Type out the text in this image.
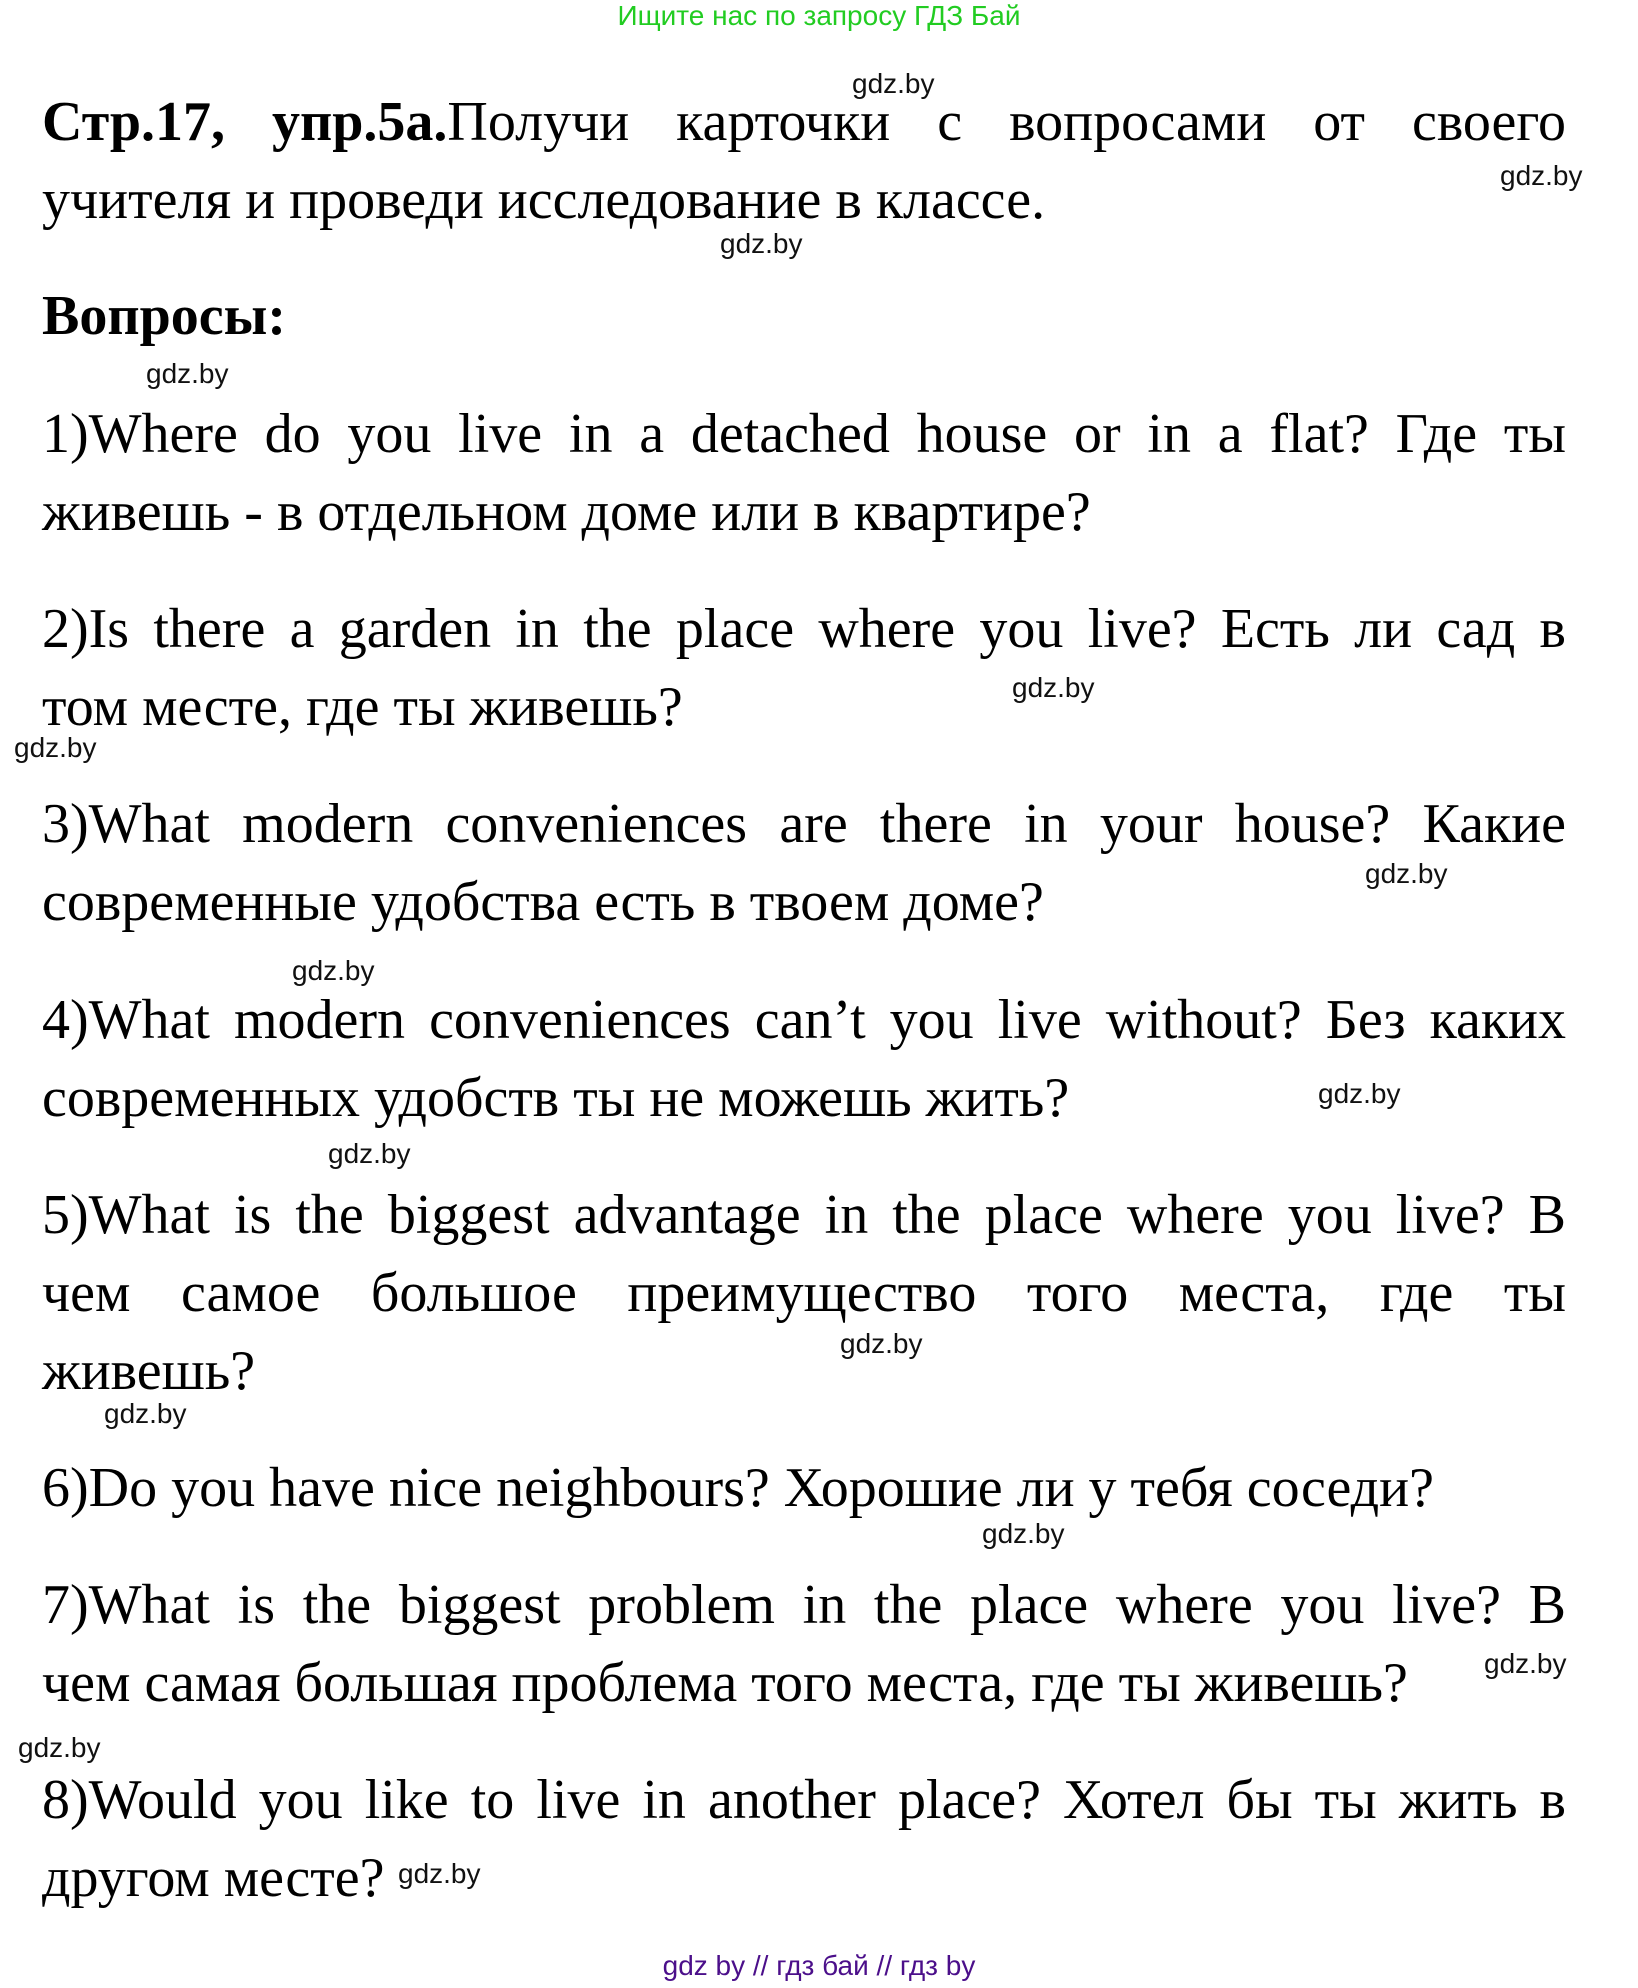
Ищите нас по запросу ГДЗ Бай
Стр.17, упр.5а.Получи карточки с вопросами от своего
учителя и проведи исследование в классе.
Вопросы:
1)Where do you live in a detached house or in a flat? Где ты
живешь - в отдельном доме или в квартире?
2)Is there a garden in the place where you live? Есть ли сад в
том месте, где ты живешь?
3)What modern conveniences are there in your house? Какие
современные удобства есть в твоем доме?
4)What modern conveniences can’t you live without? Без каких
современных удобств ты не можешь жить?
5)What is the biggest advantage in the place where you live? В
чем самое большое преимущество того места, где ты
живешь?
6)Do you have nice neighbours? Хорошие ли у тебя соседи?
7)What is the biggest problem in the place where you live? В
чем самая большая проблема того места, где ты живешь?
8)Would you like to live in another place? Хотел бы ты жить в
другом месте?
gdz.by
gdz.by
gdz.by
gdz.by
gdz.by
gdz.by
gdz.by
gdz.by
gdz.by
gdz.by
gdz.by
gdz.by
gdz.by
gdz.by
gdz.by
gdz.by
gdz by // гдз бай // гдз by
